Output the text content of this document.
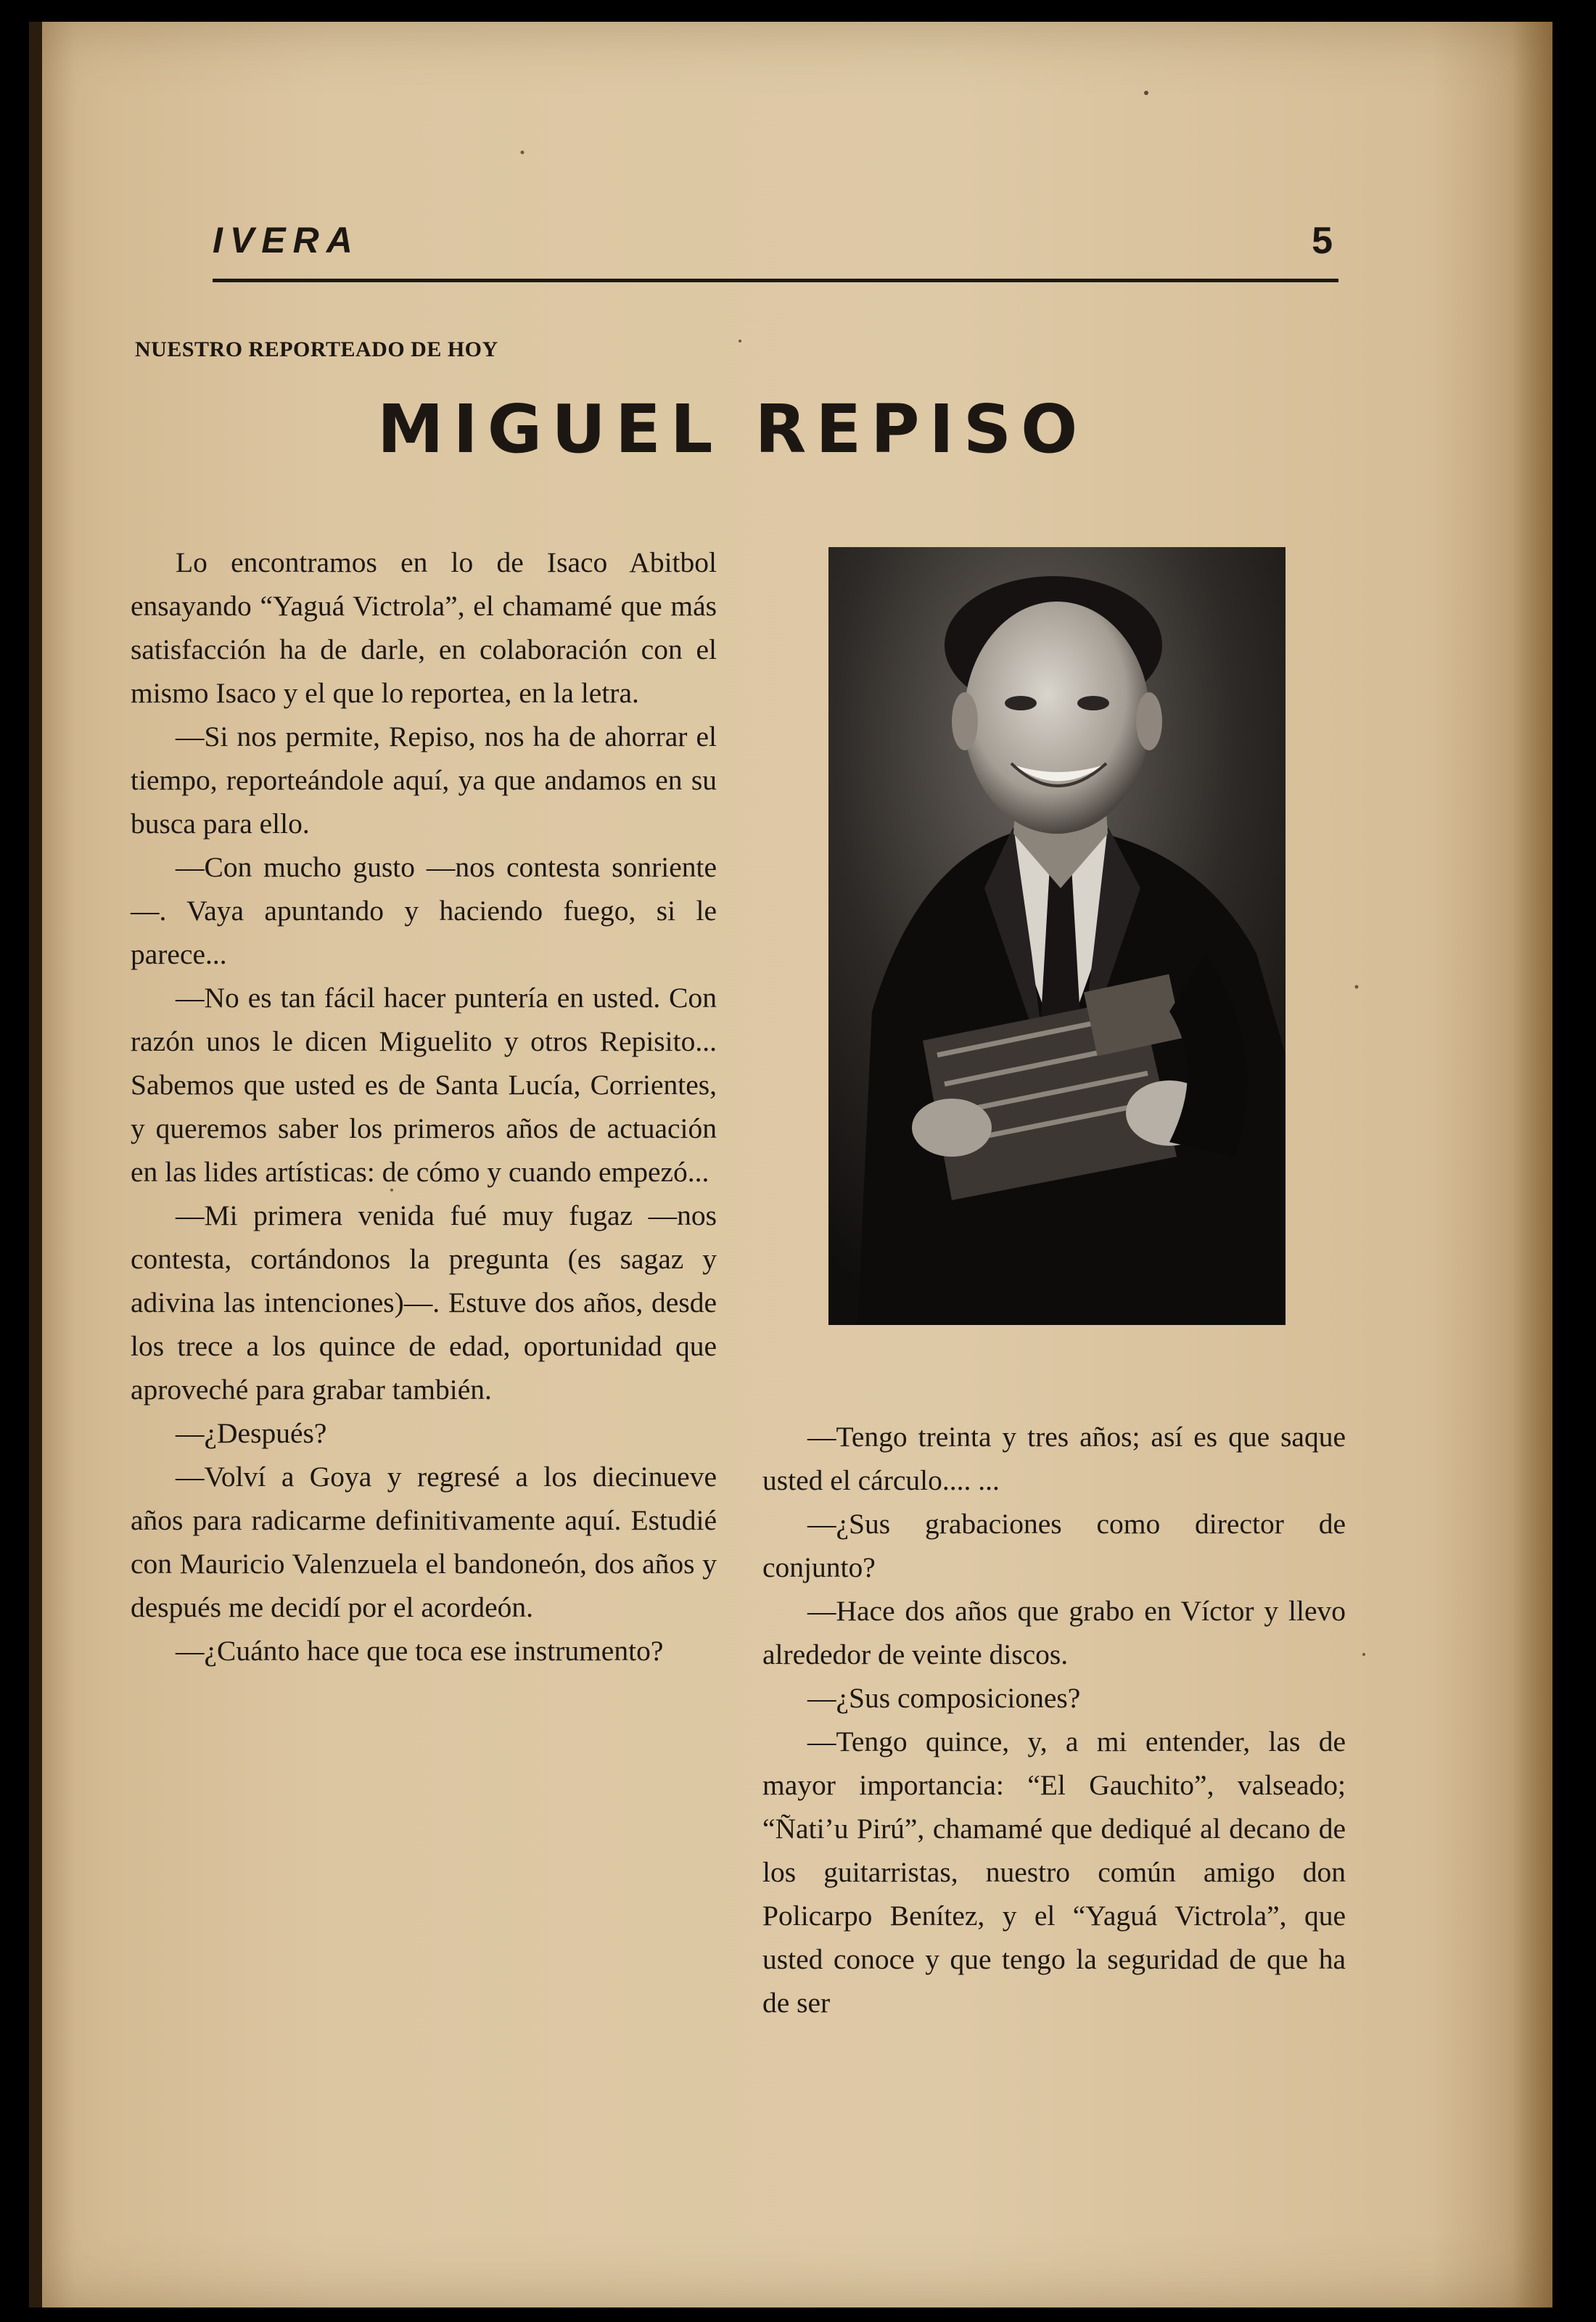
IVERA	5
NUESTRO REPORTEADO DE HOY
MIGUEL REPISO

Lo encontramos en lo de Isaco Abitbol ensayando “Yaguá Victrola”, el chamamé que más satisfacción ha de darle, en colaboración con el mismo Isaco y el que lo reportea, en la letra.

—Si nos permite, Repiso, nos ha de ahorrar el tiempo, reporteándole aquí, ya que andamos en su busca para ello.

—Con mucho gusto —nos contesta sonriente—. Vaya apuntando y haciendo fuego, si le parece...

—No es tan fácil hacer puntería en usted. Con razón unos le dicen Miguelito y otros Repisito... Sabemos que usted es de Santa Lucía, Corrientes, y queremos saber los primeros años de actuación en las lides artísticas: de cómo y cuando empezó...

—Mi primera venida fué muy fugaz —nos contesta, cortándonos la pregunta (es sagaz y adivina las intenciones)—. Estuve dos años, desde los trece a los quince de edad, oportunidad que aproveché para grabar también.

—¿Después?

—Volví a Goya y regresé a los diecinueve años para radicarme definitivamente aquí. Estudié con Mauricio Valenzuela el bandoneón, dos años y después me decidí por el acordeón.

—¿Cuánto hace que toca ese instrumento?

—Tengo treinta y tres años; así es que saque usted el cárculo.... ...

—¿Sus grabaciones como director de conjunto?

—Hace dos años que grabo en Víctor y llevo alrededor de veinte discos.

—¿Sus composiciones?

—Tengo quince, y, a mi entender, las de mayor importancia: “El Gauchito”, valseado; “Ñati’u Pirú”, chamamé que dediqué al decano de los guitarristas, nuestro común amigo don Policarpo Benítez, y el “Yaguá Victrola”, que usted conoce y que tengo la seguridad de que ha de ser
